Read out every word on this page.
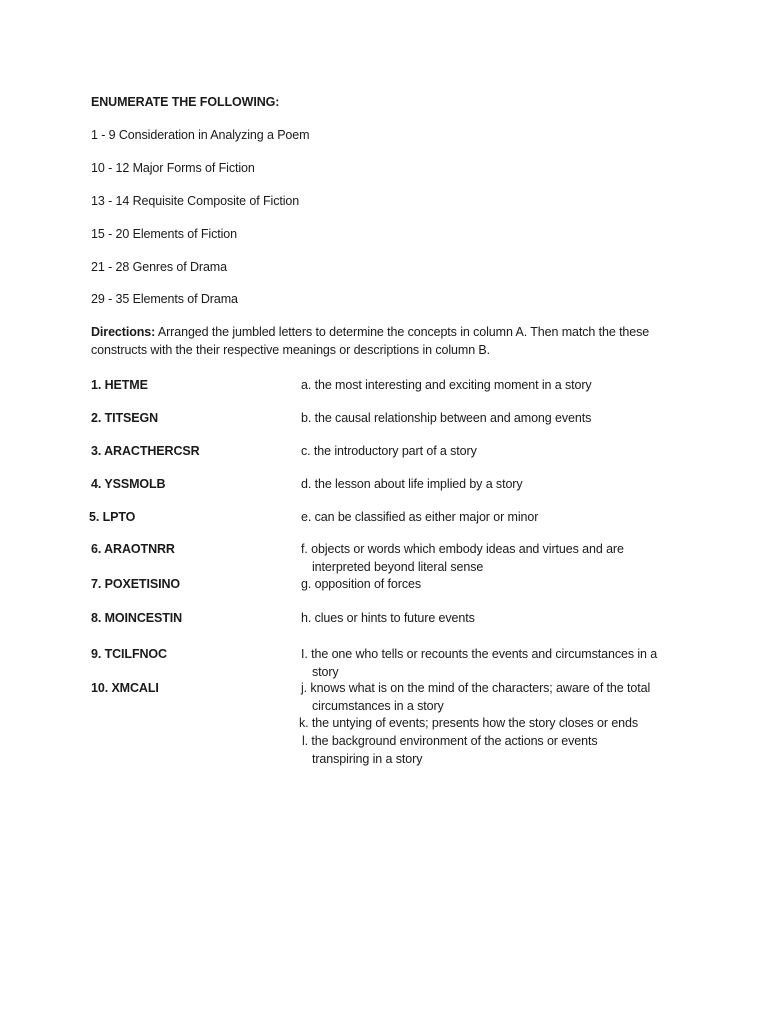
ENUMERATE THE FOLLOWING:
1 - 9 Consideration in Analyzing a Poem
10 - 12 Major Forms of Fiction
13 - 14 Requisite Composite of Fiction
15 - 20 Elements of Fiction
21 - 28 Genres of Drama
29 - 35 Elements of Drama
Directions: Arranged the jumbled letters to determine the concepts in column A. Then match the these
constructs with the their respective meanings or descriptions in column B.
1. HETME
2. TITSEGN
3. ARACTHERCSR
4. YSSMOLB
5. LPTO
6. ARAOTNRR
7. POXETISINO
8. MOINCESTIN
9. TCILFNOC
10. XMCALI
a. the most interesting and exciting moment in a story
b. the causal relationship between and among events
c. the introductory part of a story
d. the lesson about life implied by a story
e. can be classified as either major or minor
f. objects or words which embody ideas and virtues and are
interpreted beyond literal sense
g. opposition of forces
h. clues or hints to future events
I. the one who tells or recounts the events and circumstances in a
story
j. knows what is on the mind of the characters; aware of the total
circumstances in a story
k. the untying of events; presents how the story closes or ends
l. the background environment of the actions or events
transpiring in a story
